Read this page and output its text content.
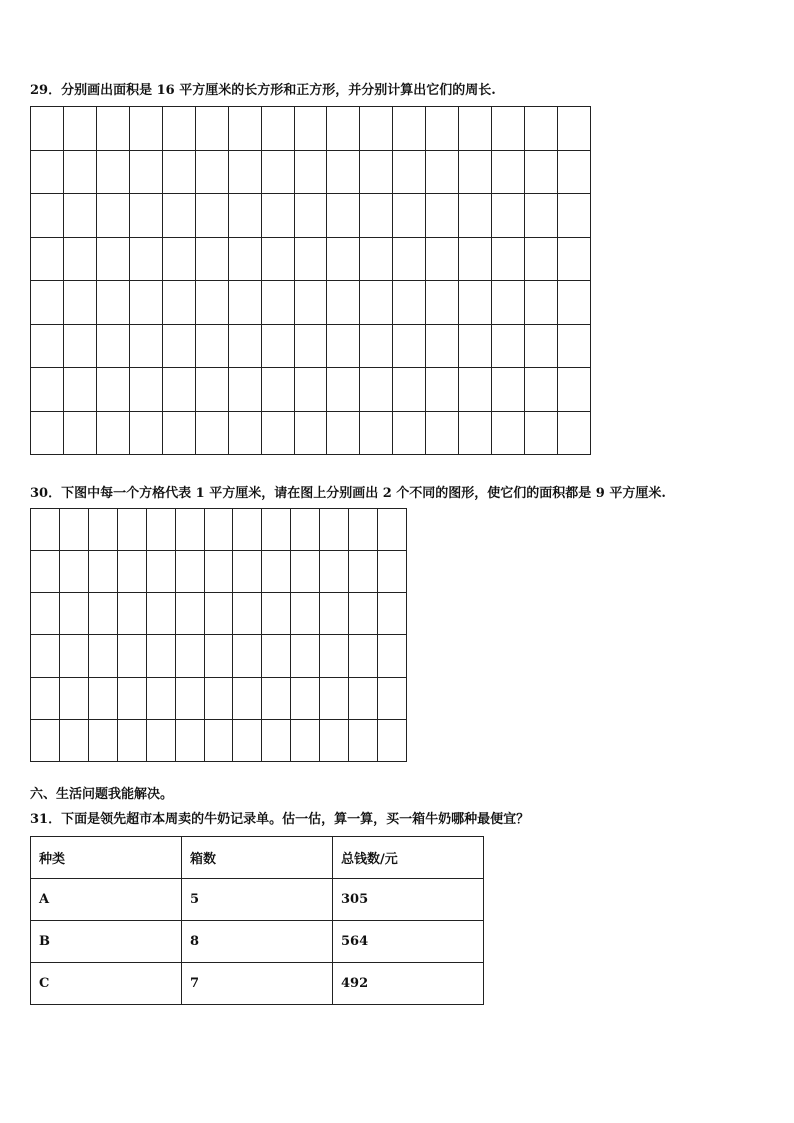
29．分别画出面积是 16 平方厘米的长方形和正方形，并分别计算出它们的周长.

30．下图中每一个方格代表 1 平方厘米，请在图上分别画出 2 个不同的图形，使它们的面积都是 9 平方厘米.

六、生活问题我能解决。
31．下面是领先超市本周卖的牛奶记录单。估一估，算一算，买一箱牛奶哪种最便宜？
种类	箱数	总钱数/元
A	5	305
B	8	564
C	7	492
